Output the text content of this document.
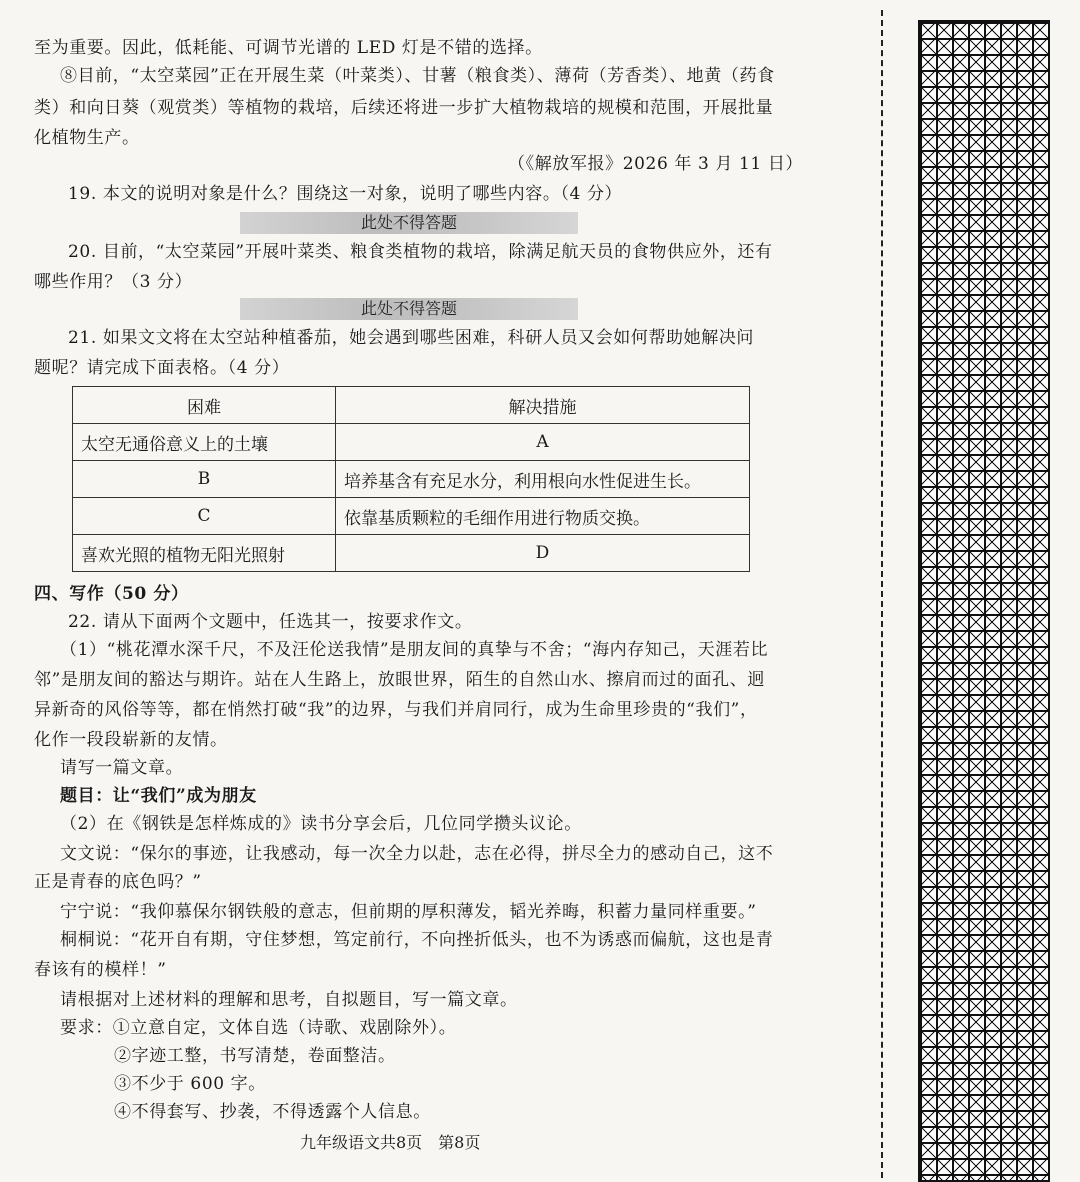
至为重要。因此，低耗能、可调节光谱的 LED 灯是不错的选择。
⑧目前，“太空菜园”正在开展生菜（叶菜类）、甘薯（粮食类）、薄荷（芳香类）、地黄（药食
类）和向日葵（观赏类）等植物的栽培，后续还将进一步扩大植物栽培的规模和范围，开展批量
化植物生产。
（《解放军报》2026 年 3 月 11 日）
19. 本文的说明对象是什么？围绕这一对象，说明了哪些内容。（4 分）
此处不得答题
20. 目前，“太空菜园”开展叶菜类、粮食类植物的栽培，除满足航天员的食物供应外，还有
哪些作用？（3 分）
此处不得答题
21. 如果文文将在太空站种植番茄，她会遇到哪些困难，科研人员又会如何帮助她解决问
题呢？请完成下面表格。（4 分）
困难	解决措施
太空无通俗意义上的土壤	A
B	培养基含有充足水分，利用根向水性促进生长。
C	依靠基质颗粒的毛细作用进行物质交换。
喜欢光照的植物无阳光照射	D
四、写作（50 分）
22. 请从下面两个文题中，任选其一，按要求作文。
（1）“桃花潭水深千尺，不及汪伦送我情”是朋友间的真挚与不舍；“海内存知己，天涯若比
邻”是朋友间的豁达与期许。站在人生路上，放眼世界，陌生的自然山水、擦肩而过的面孔、迥
异新奇的风俗等等，都在悄然打破“我”的边界，与我们并肩同行，成为生命里珍贵的“我们”，
化作一段段崭新的友情。
请写一篇文章。
题目：让“我们”成为朋友
（2）在《钢铁是怎样炼成的》读书分享会后，几位同学攒头议论。
文文说：“保尔的事迹，让我感动，每一次全力以赴，志在必得，拼尽全力的感动自己，这不
正是青春的底色吗？”
宁宁说：“我仰慕保尔钢铁般的意志，但前期的厚积薄发，韬光养晦，积蓄力量同样重要。”
桐桐说：“花开自有期，守住梦想，笃定前行，不向挫折低头，也不为诱惑而偏航，这也是青
春该有的模样！”
请根据对上述材料的理解和思考，自拟题目，写一篇文章。
要求：①立意自定，文体自选（诗歌、戏剧除外）。
②字迹工整，书写清楚，卷面整洁。
③不少于 600 字。
④不得套写、抄袭，不得透露个人信息。
九年级语文共8页　第8页
